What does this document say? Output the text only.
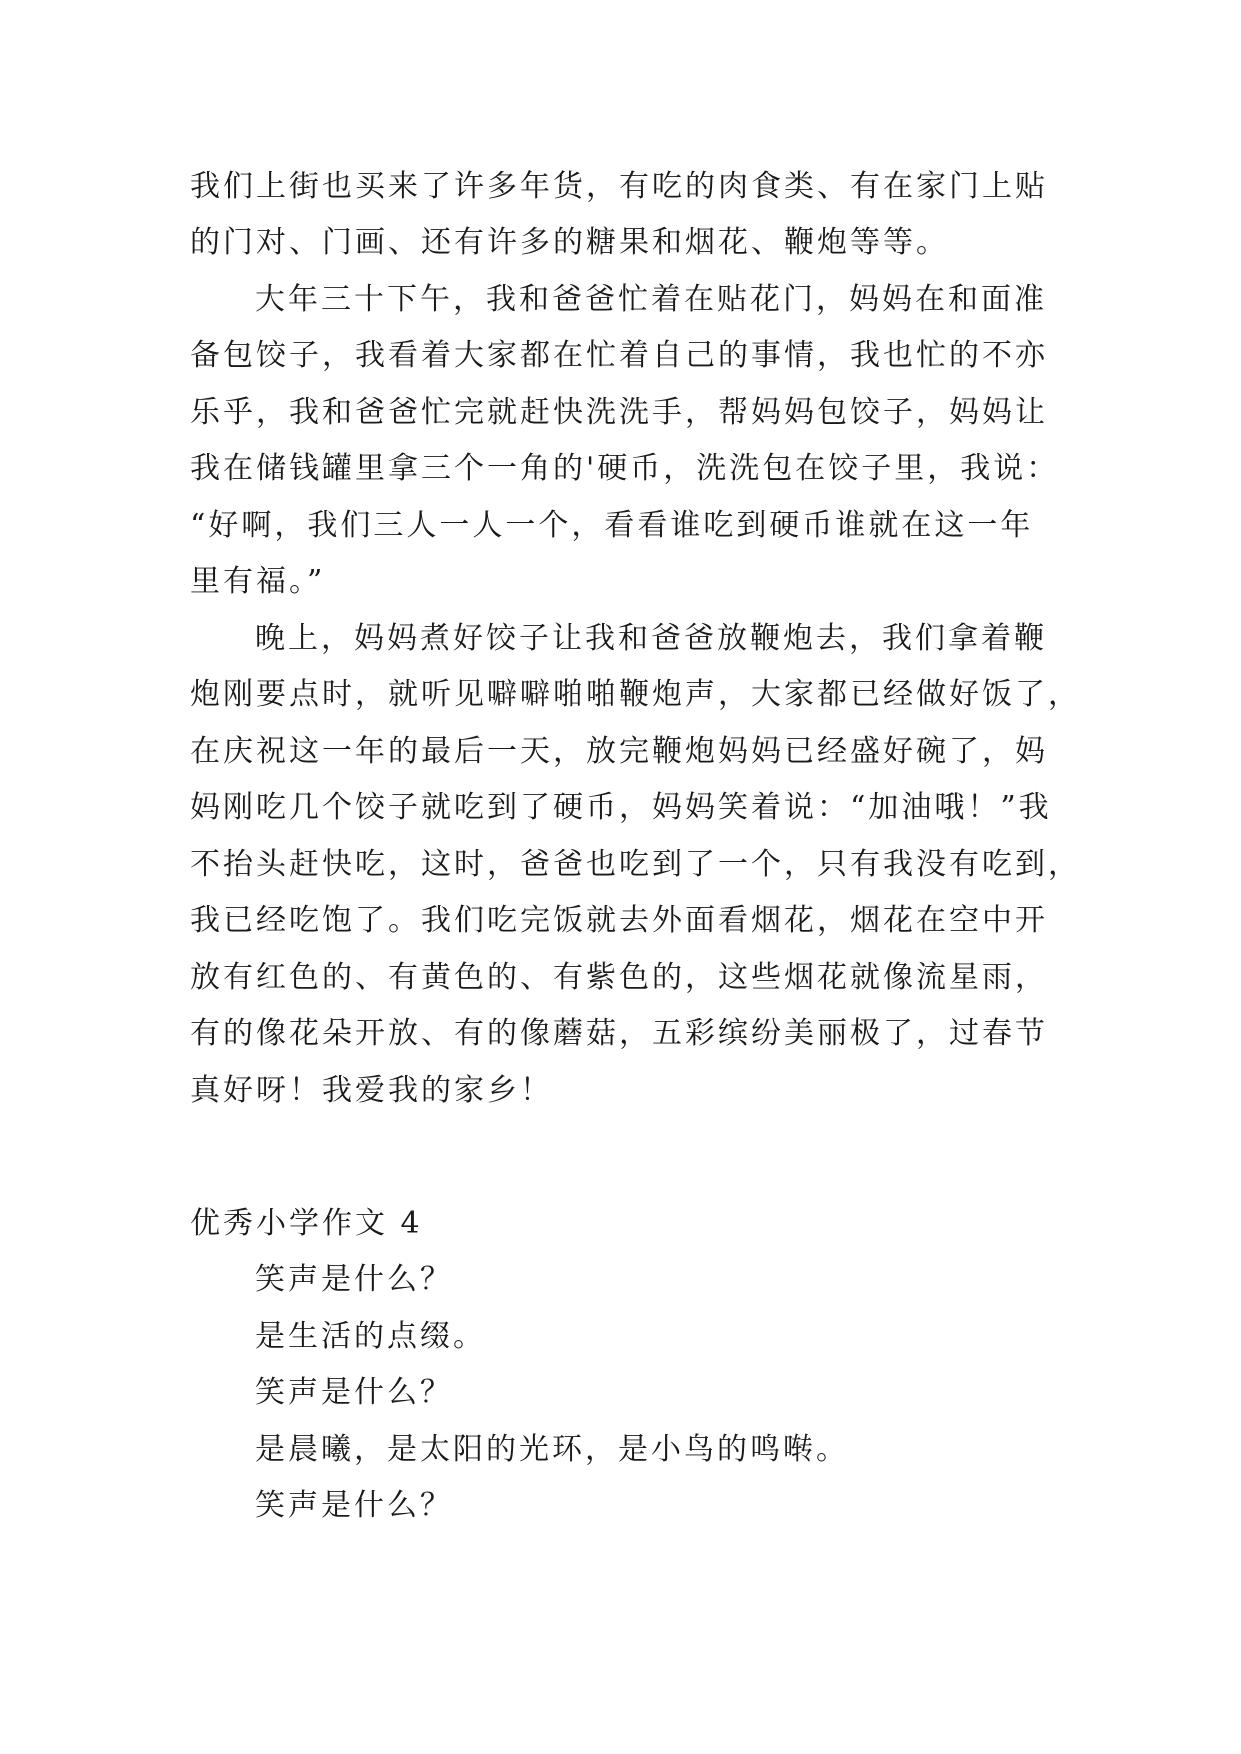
我们上街也买来了许多年货，有吃的肉食类、有在家门上贴
的门对、门画、还有许多的糖果和烟花、鞭炮等等。
大年三十下午，我和爸爸忙着在贴花门，妈妈在和面准
备包饺子，我看着大家都在忙着自己的事情，我也忙的不亦
乐乎，我和爸爸忙完就赶快洗洗手，帮妈妈包饺子，妈妈让
我在储钱罐里拿三个一角的'硬币，洗洗包在饺子里，我说：
“好啊，我们三人一人一个，看看谁吃到硬币谁就在这一年
里有福。”
晚上，妈妈煮好饺子让我和爸爸放鞭炮去，我们拿着鞭
炮刚要点时，就听见噼噼啪啪鞭炮声，大家都已经做好饭了，
在庆祝这一年的最后一天，放完鞭炮妈妈已经盛好碗了，妈
妈刚吃几个饺子就吃到了硬币，妈妈笑着说：“加油哦！”我
不抬头赶快吃，这时，爸爸也吃到了一个，只有我没有吃到，
我已经吃饱了。我们吃完饭就去外面看烟花，烟花在空中开
放有红色的、有黄色的、有紫色的，这些烟花就像流星雨，
有的像花朵开放、有的像蘑菇，五彩缤纷美丽极了，过春节
真好呀！我爱我的家乡！
优秀小学作文 4
笑声是什么？
是生活的点缀。
笑声是什么？
是晨曦，是太阳的光环，是小鸟的鸣啭。
笑声是什么？
